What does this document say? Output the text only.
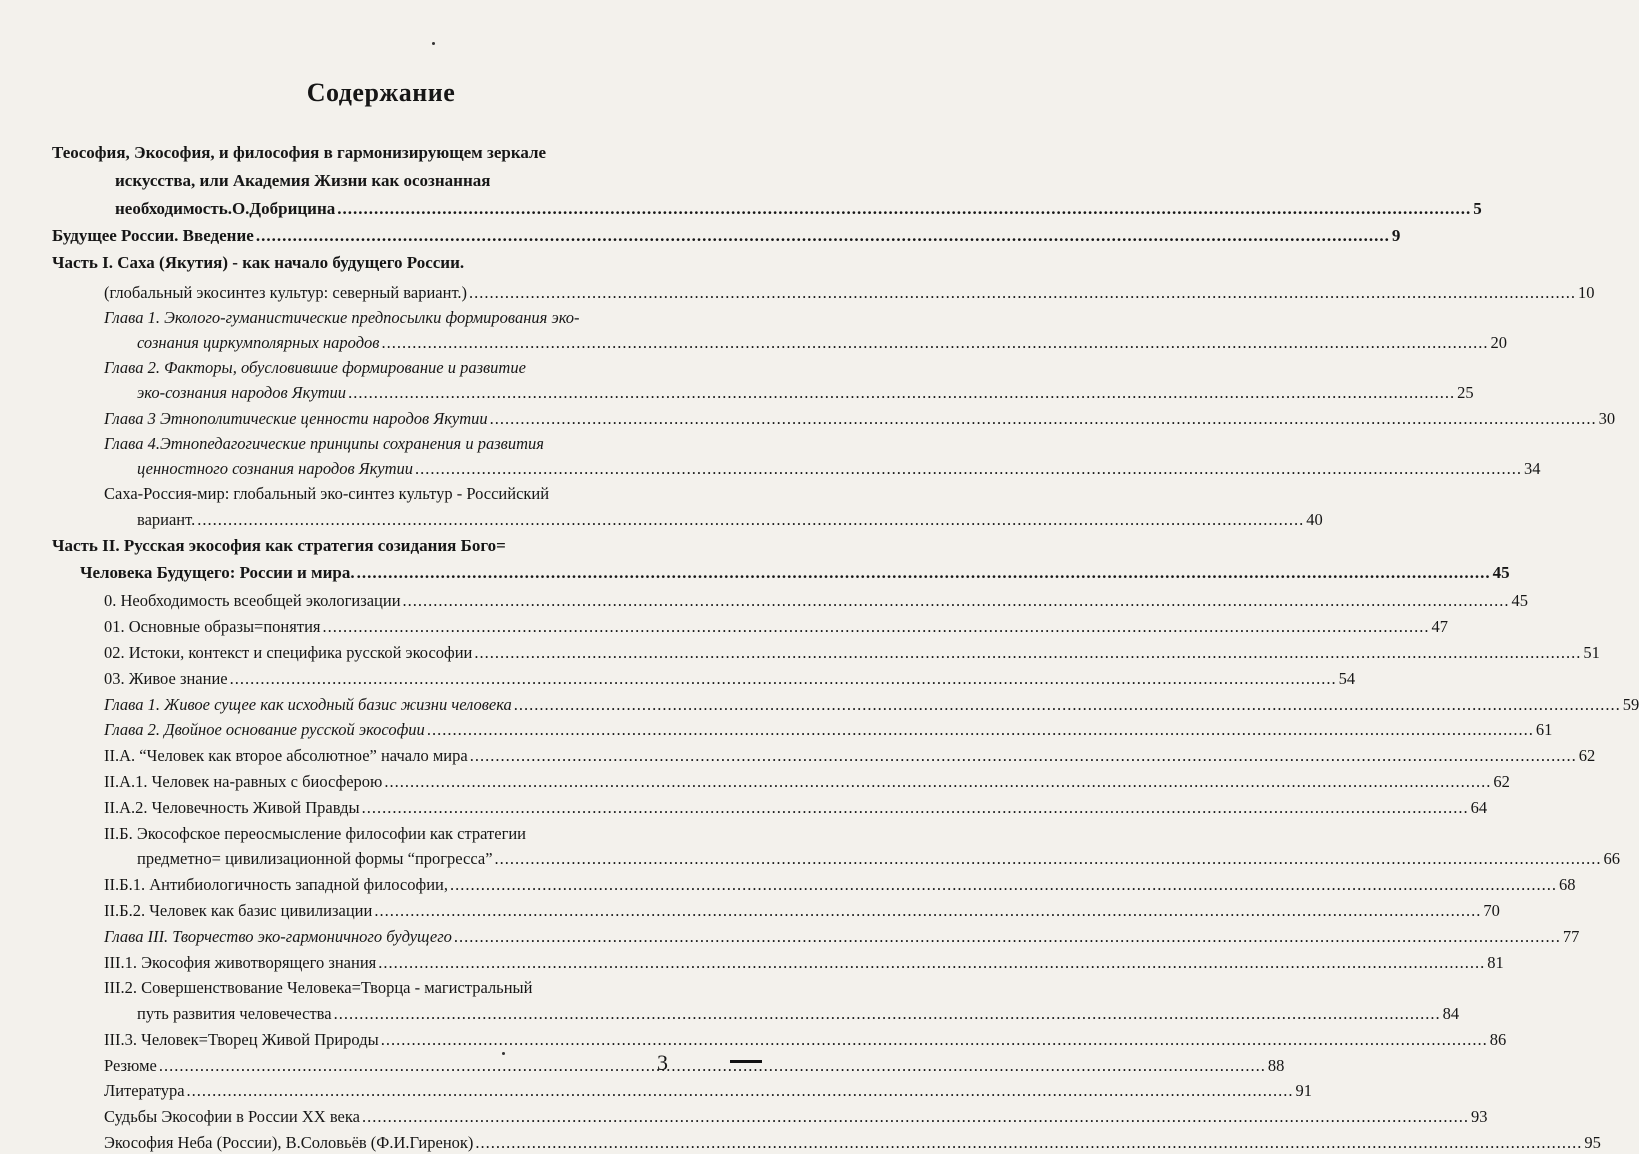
Содержание
Теософия, Экософия, и философия в гармонизирующем зеркале
искусства, или Академия Жизни как осознанная
необходимость. О.Добрицина .....	5
Будущее России. Введение .....	9
Часть I. Саха (Якутия) - как начало будущего России.
(глобальный экосинтез культур: северный вариант.) .....	10
Глава 1. Эколого-гуманистические предпосылки формирования эко-
сознания циркумполярных народов .....	20
Глава 2. Факторы, обусловившие формирование и развитие
эко-сознания народов Якутии .....	25
Глава 3 Этнополитические ценности народов Якутии .....	30
Глава 4.Этнопедагогические принципы сохранения и развития
ценностного сознания народов Якутии .....	34
Саха-Россия-мир: глобальный эко-синтез культур - Российский
вариант. .....	40
Часть II. Русская экософия как стратегия созидания Бого=
Человека Будущего: России и мира. .....	45
0. Необходимость всеобщей экологизации .....	45
01. Основные образы=понятия .....	47
02. Истоки, контекст и специфика русской экософии .....	51
03. Живое знание .....	54
Глава 1. Живое сущее как исходный базис жизни человека .....	59
Глава 2. Двойное основание русской экософии .....	61
II.A. “Человек как второе абсолютное” начало мира .....	62
II.A.1. Человек на-равных с биосферою .....	62
II.A.2. Человечность Живой Правды .....	64
II.Б. Экософское переосмысление философии как стратегии
предметно= цивилизационной формы “прогресса” .....	66
II.Б.1. Антибиологичность западной философии, .....	68
II.Б.2. Человек как базис цивилизации .....	70
Глава III. Творчество эко-гармоничного будущего .....	77
III.1. Экософия животворящего знания .....	81
III.2. Совершенствование Человека=Творца - магистральный
путь развития человечества .....	84
III.3. Человек=Творец Живой Природы .....	86
Резюме .....	88
Литература .....	91
Судьбы Экософии в России XX века .....	93
Экософия Неба (России), В.Соловьёв (Ф.И.Гиренок) .....	95
3
